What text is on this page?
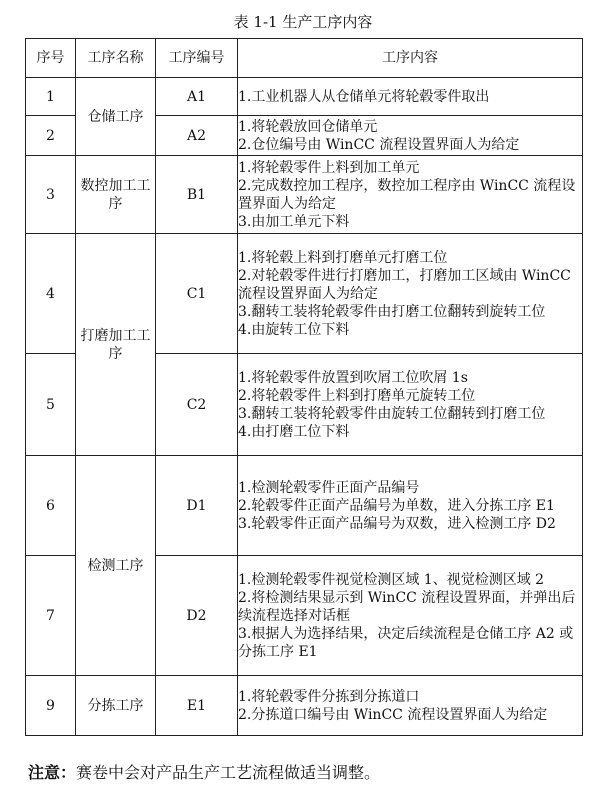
表 1-1 生产工序内容
序号	工序名称	工序编号	工序内容
1	仓储工序	A1	1.工业机器人从仓储单元将轮毂零件取出

2		A2	1.将轮毂放回仓储单元
2.仓位编号由 WinCC 流程设置界面人为给定

3	数控加工工序	B1	1.将轮毂零件上料到加工单元
2.完成数控加工程序，数控加工程序由 WinCC 流程设置界面人为给定
3.由加工单元下料

4	打磨加工工序	C1	1.将轮毂上料到打磨单元打磨工位
2.对轮毂零件进行打磨加工，打磨加工区域由 WinCC 流程设置界面人为给定
3.翻转工装将轮毂零件由打磨工位翻转到旋转工位
4.由旋转工位下料

5		C2	1.将轮毂零件放置到吹屑工位吹屑 1s
2.将轮毂零件上料到打磨单元旋转工位
3.翻转工装将轮毂零件由旋转工位翻转到打磨工位
4.由打磨工位下料

6	检测工序	D1	1.检测轮毂零件正面产品编号
2.轮毂零件正面产品编号为单数，进入分拣工序 E1
3.轮毂零件正面产品编号为双数，进入检测工序 D2

7		D2	1.检测轮毂零件视觉检测区域 1、视觉检测区域 2
2.将检测结果显示到 WinCC 流程设置界面，并弹出后续流程选择对话框
3.根据人为选择结果，决定后续流程是仓储工序 A2 或分拣工序 E1

9	分拣工序	E1	1.将轮毂零件分拣到分拣道口
2.分拣道口编号由 WinCC 流程设置界面人为给定
注意：赛卷中会对产品生产工艺流程做适当调整。
